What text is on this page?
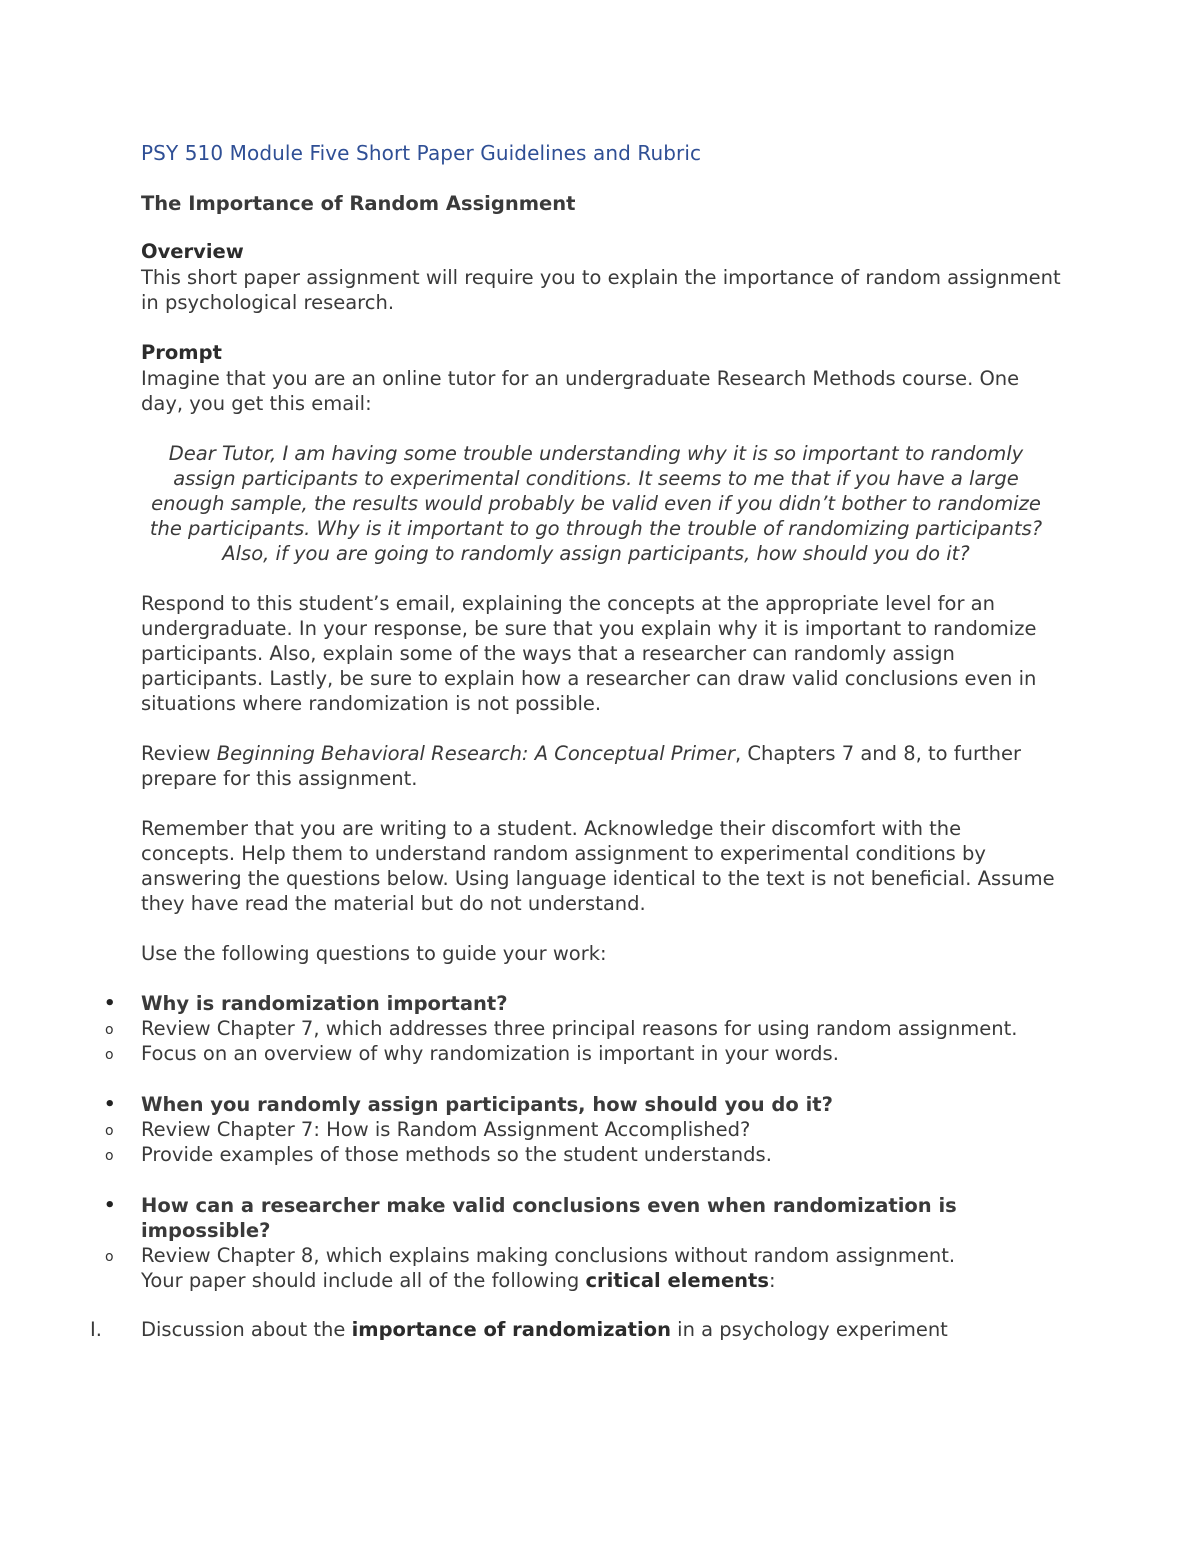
PSY 510 Module Five Short Paper Guidelines and Rubric
The Importance of Random Assignment
Overview

This short paper assignment will require you to explain the importance of random assignment in psychological research.

Prompt

Imagine that you are an online tutor for an undergraduate Research Methods course. One day, you get this email:

Dear Tutor, I am having some trouble understanding why it is so important to randomly assign participants to experimental conditions. It seems to me that if you have a large enough sample, the results would probably be valid even if you didn’t bother to randomize the participants. Why is it important to go through the trouble of randomizing participants? Also, if you are going to randomly assign participants, how should you do it?

Respond to this student’s email, explaining the concepts at the appropriate level for an undergraduate. In your response, be sure that you explain why it is important to randomize participants. Also, explain some of the ways that a researcher can randomly assign participants. Lastly, be sure to explain how a researcher can draw valid conclusions even in situations where randomization is not possible.

Review Beginning Behavioral Research: A Conceptual Primer, Chapters 7 and 8, to further prepare for this assignment.

Remember that you are writing to a student. Acknowledge their discomfort with the concepts. Help them to understand random assignment to experimental conditions by answering the questions below. Using language identical to the text is not beneficial. Assume they have read the material but do not understand.

Use the following questions to guide your work:

• Why is randomization important?
o Review Chapter 7, which addresses three principal reasons for using random assignment.
o Focus on an overview of why randomization is important in your words.
• When you randomly assign participants, how should you do it?
o Review Chapter 7: How is Random Assignment Accomplished?
o Provide examples of those methods so the student understands.
• How can a researcher make valid conclusions even when randomization is impossible?
o Review Chapter 8, which explains making conclusions without random assignment.
Your paper should include all of the following critical elements:
I. Discussion about the importance of randomization in a psychology experiment
